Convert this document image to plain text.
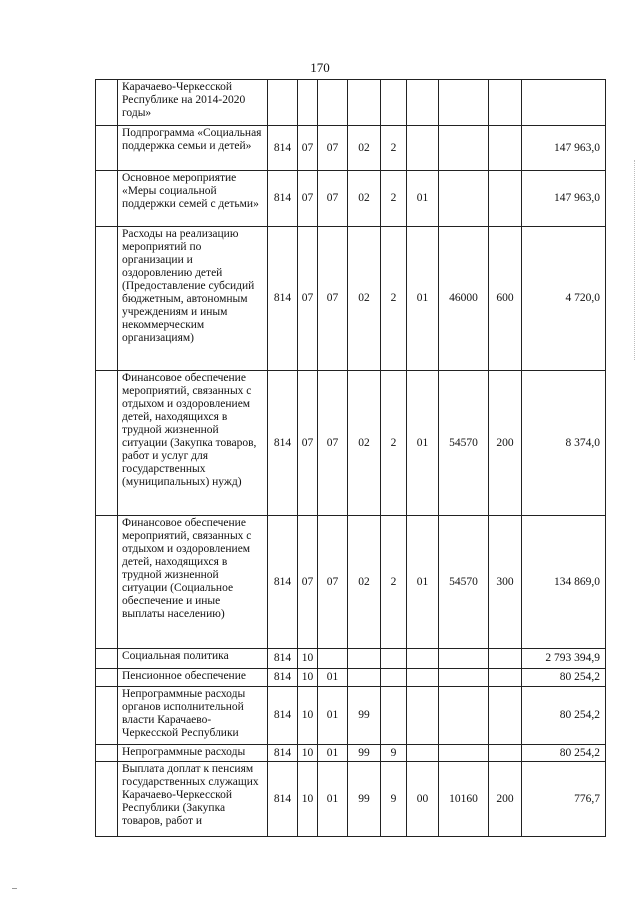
170
	Карачаево-Черкесской Республике на 2014-2020 годы»									
	Подпрограмма «Социальная поддержка семьи и детей»	814	07	07	02	2				147 963,0
	Основное мероприятие «Меры социальной поддержки семей с детьми»	814	07	07	02	2	01			147 963,0
	Расходы на реализацию мероприятий по организации и оздоровлению детей (Предоставление субсидий бюджетным, автономным учреждениям и иным некоммерческим организациям)	814	07	07	02	2	01	46000	600	4 720,0
	Финансовое обеспечение мероприятий, связанных с отдыхом и оздоровлением детей, находящихся в трудной жизненной ситуации (Закупка товаров, работ и услуг для государственных (муниципальных) нужд)	814	07	07	02	2	01	54570	200	8 374,0
	Финансовое обеспечение мероприятий, связанных с отдыхом и оздоровлением детей, находящихся в трудной жизненной ситуации (Социальное обеспечение и иные выплаты населению)	814	07	07	02	2	01	54570	300	134 869,0
	Социальная политика	814	10							2 793 394,9
	Пенсионное обеспечение	814	10	01						80 254,2
	Непрограммные расходы органов исполнительной власти Карачаево-Черкесской Республики	814	10	01	99					80 254,2
	Непрограммные расходы	814	10	01	99	9				80 254,2
	Выплата доплат к пенсиям государственных служащих Карачаево-Черкесской Республики (Закупка товаров, работ и	814	10	01	99	9	00	10160	200	776,7
